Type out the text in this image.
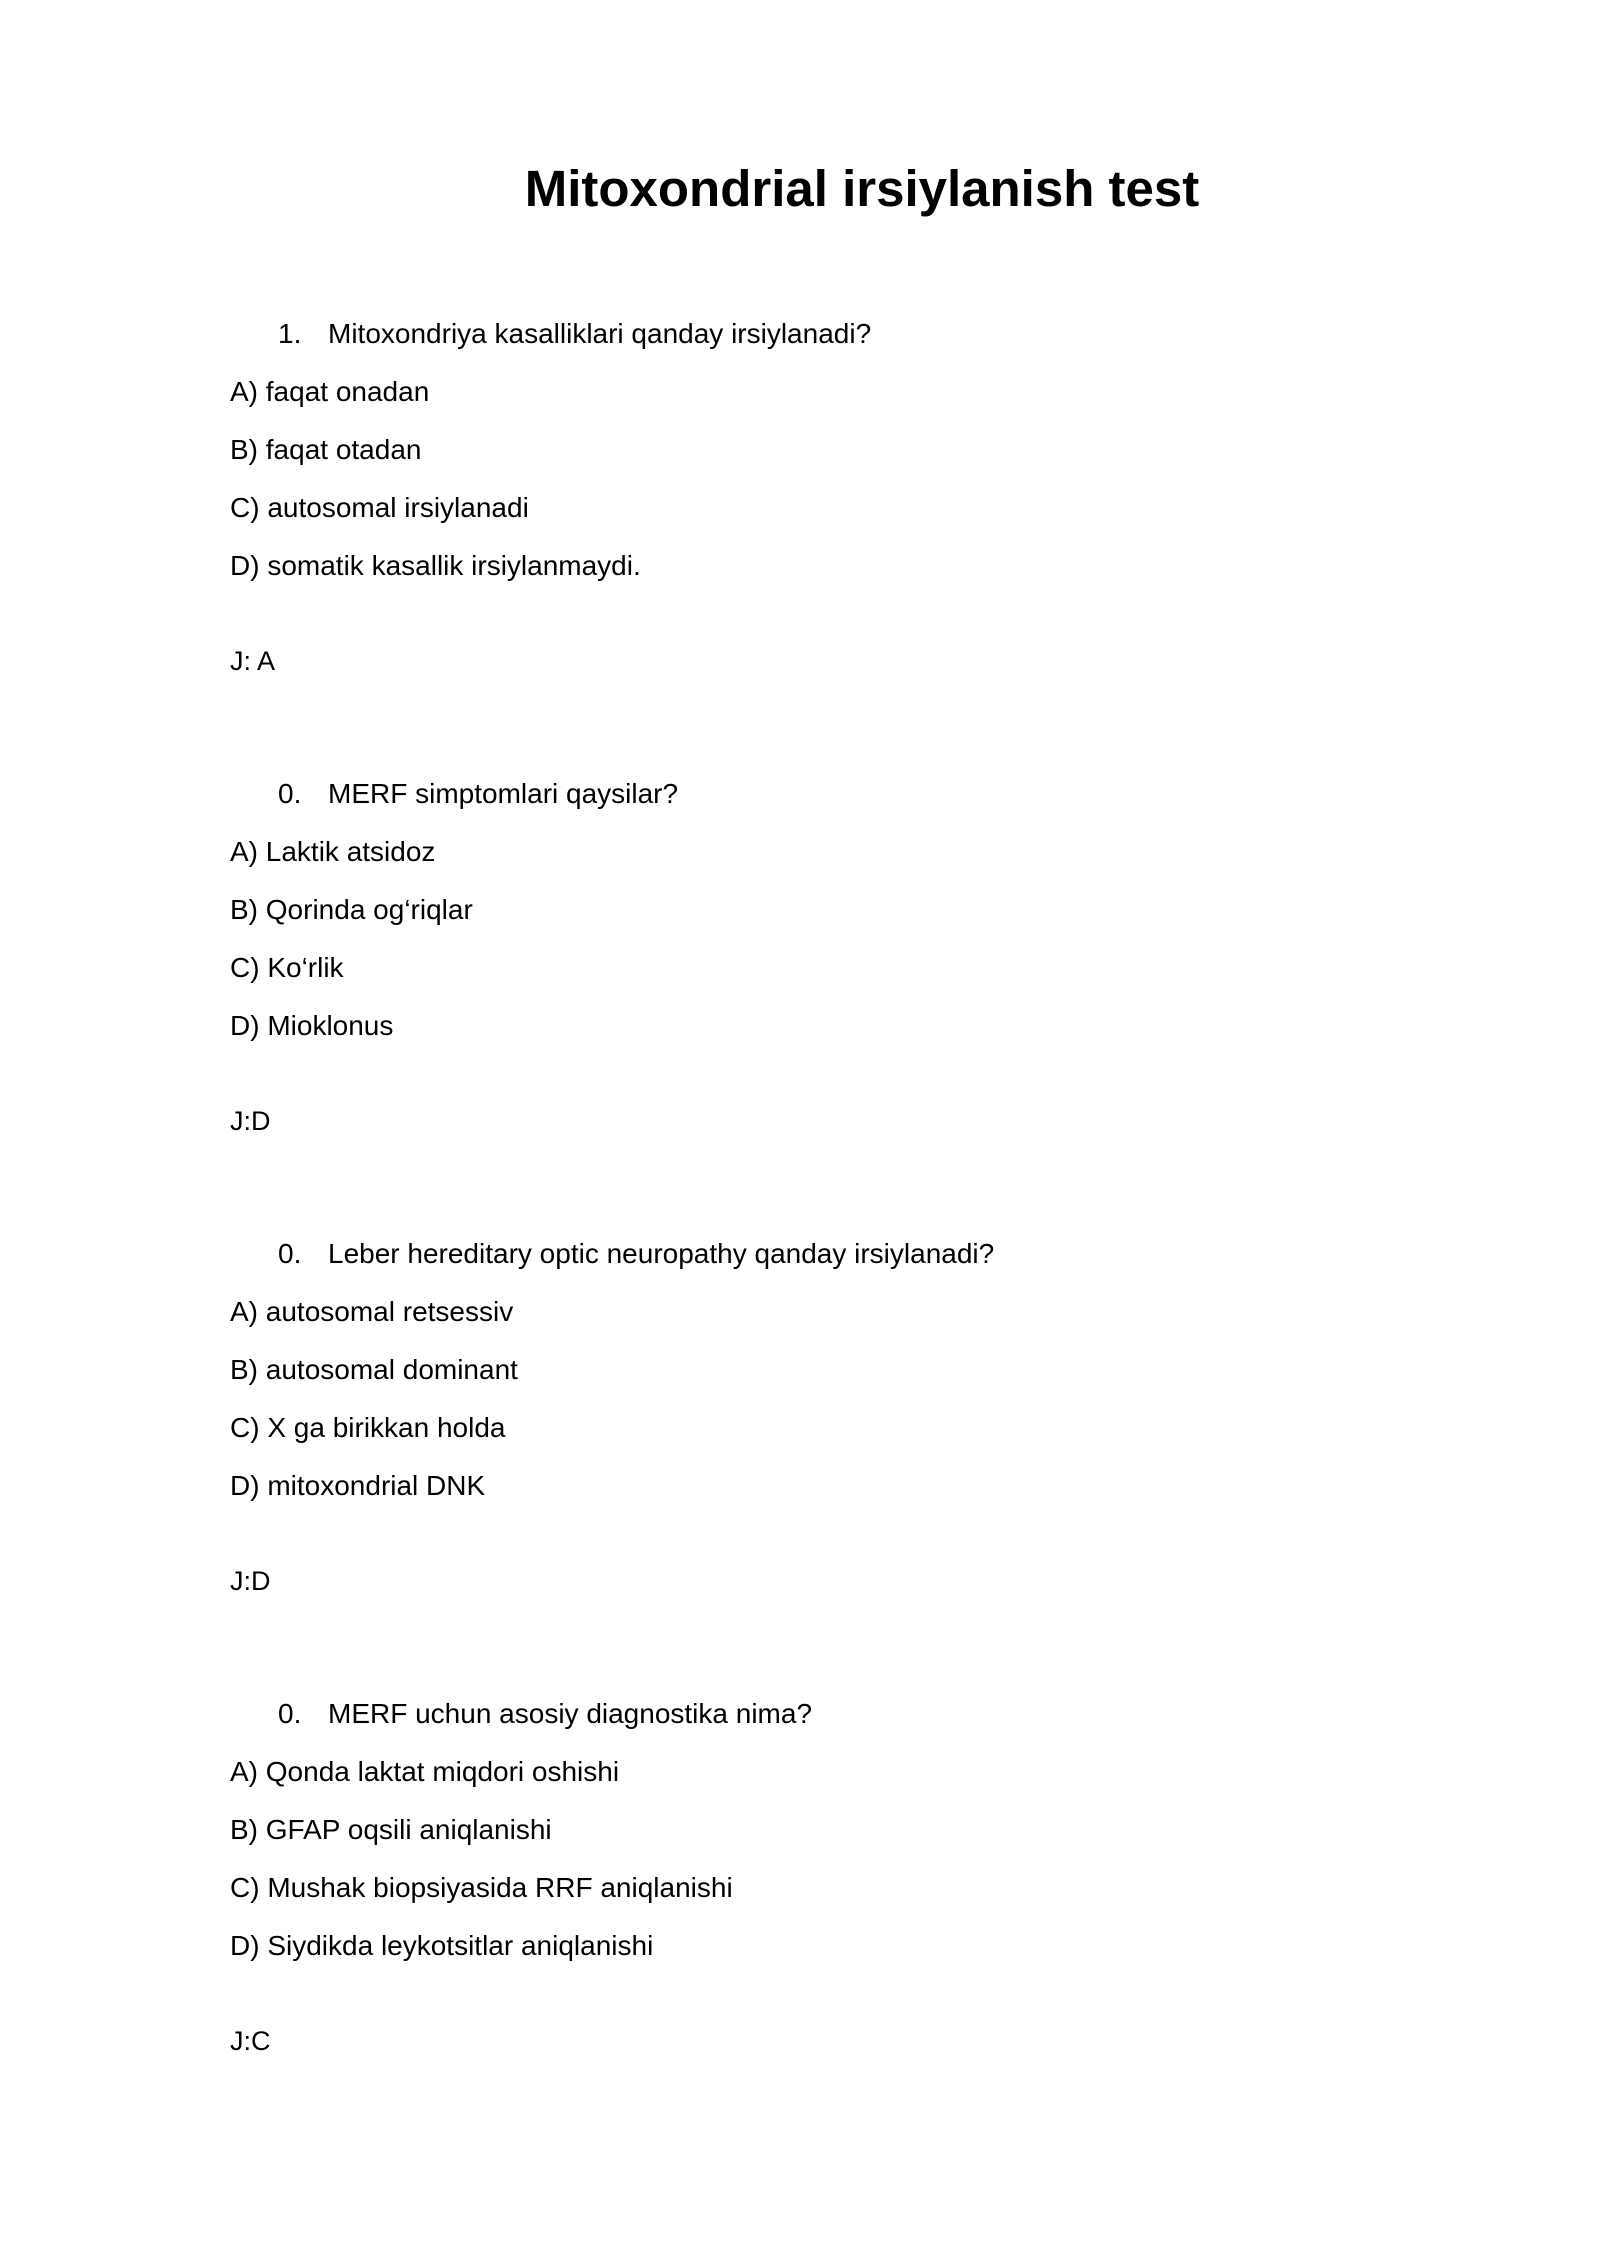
Mitoxondrial irsiylanish test
1. Mitoxondriya kasalliklari qanday irsiylanadi?
A) faqat onadan
B) faqat otadan
C) autosomal irsiylanadi
D) somatik kasallik irsiylanmaydi.
J: A
0. MERF simptomlari qaysilar?
A) Laktik atsidoz
B) Qorinda og‘riqlar
C) Ko‘rlik
D) Mioklonus
J:D
0. Leber hereditary optic neuropathy qanday irsiylanadi?
A) autosomal retsessiv
B) autosomal dominant
C) X ga birikkan holda
D) mitoxondrial DNK
J:D
0. MERF uchun asosiy diagnostika nima?
A) Qonda laktat miqdori oshishi
B) GFAP oqsili aniqlanishi
C) Mushak biopsiyasida RRF aniqlanishi
D) Siydikda leykotsitlar aniqlanishi
J:C
